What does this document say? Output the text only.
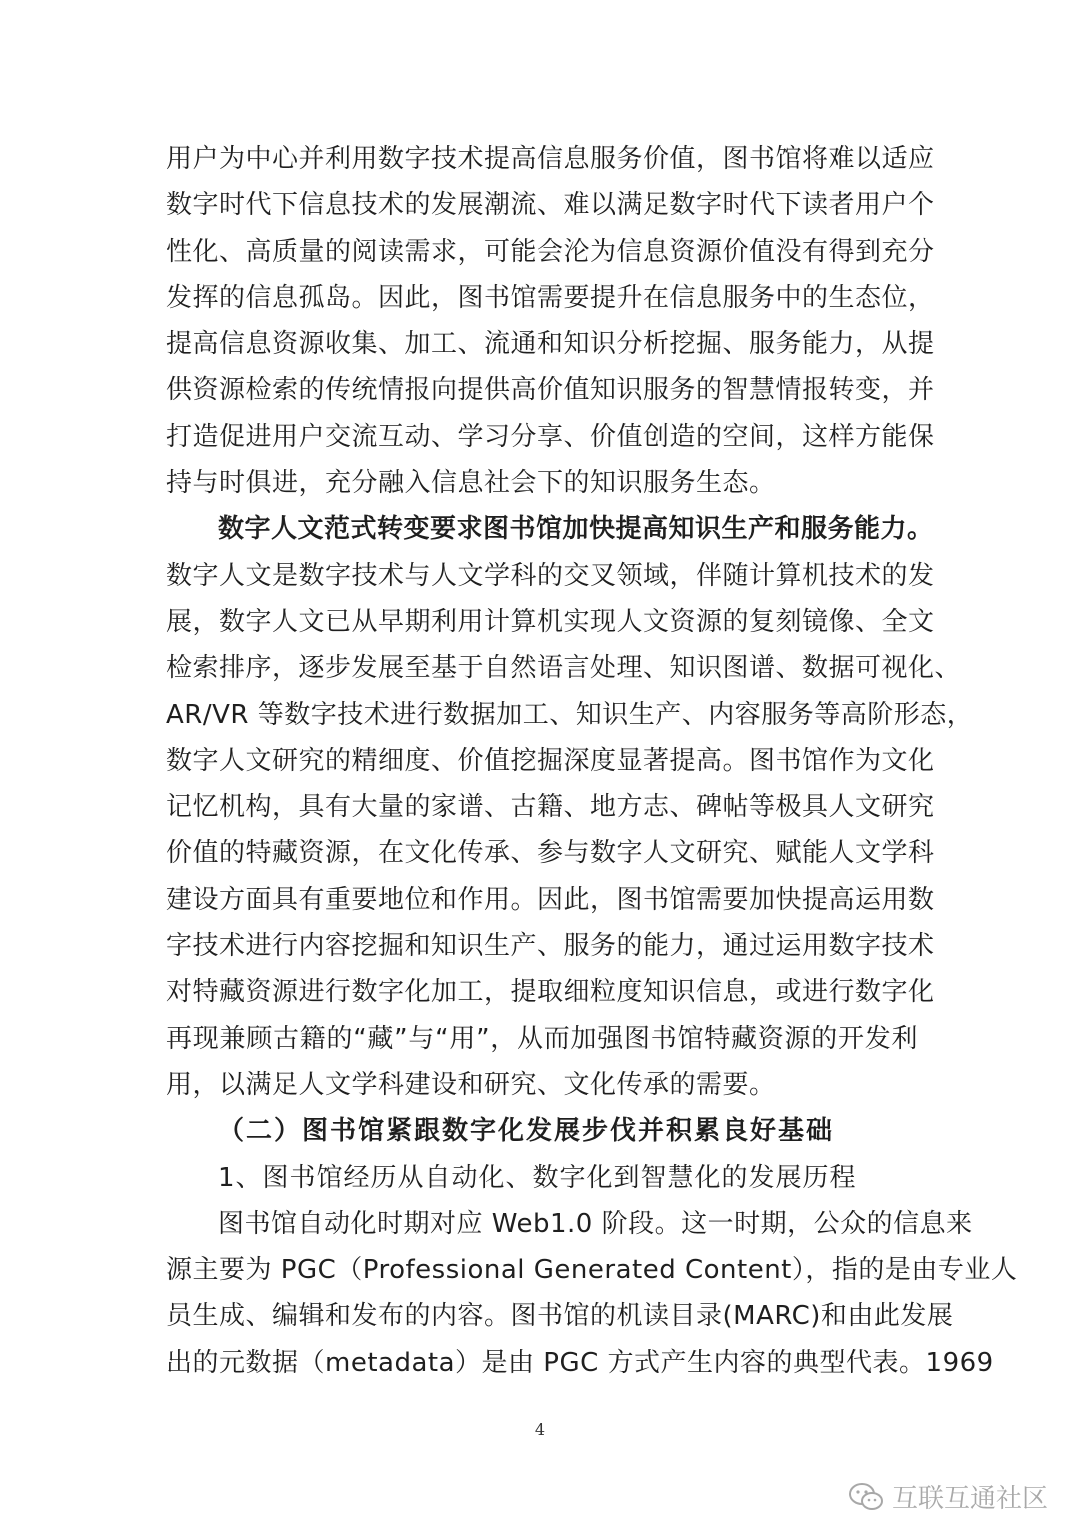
用户为中心并利用数字技术提高信息服务价值，图书馆将难以适应
数字时代下信息技术的发展潮流、难以满足数字时代下读者用户个
性化、高质量的阅读需求，可能会沦为信息资源价值没有得到充分
发挥的信息孤岛。因此，图书馆需要提升在信息服务中的生态位，
提高信息资源收集、加工、流通和知识分析挖掘、服务能力，从提
供资源检索的传统情报向提供高价值知识服务的智慧情报转变，并
打造促进用户交流互动、学习分享、价值创造的空间，这样方能保
持与时俱进，充分融入信息社会下的知识服务生态。
数字人文范式转变要求图书馆加快提高知识生产和服务能力。
数字人文是数字技术与人文学科的交叉领域，伴随计算机技术的发
展，数字人文已从早期利用计算机实现人文资源的复刻镜像、全文
检索排序，逐步发展至基于自然语言处理、知识图谱、数据可视化、
AR/VR 等数字技术进行数据加工、知识生产、内容服务等高阶形态，
数字人文研究的精细度、价值挖掘深度显著提高。图书馆作为文化
记忆机构，具有大量的家谱、古籍、地方志、碑帖等极具人文研究
价值的特藏资源，在文化传承、参与数字人文研究、赋能人文学科
建设方面具有重要地位和作用。因此，图书馆需要加快提高运用数
字技术进行内容挖掘和知识生产、服务的能力，通过运用数字技术
对特藏资源进行数字化加工，提取细粒度知识信息，或进行数字化
再现兼顾古籍的“藏”与“用”，从而加强图书馆特藏资源的开发利
用，以满足人文学科建设和研究、文化传承的需要。
（二）图书馆紧跟数字化发展步伐并积累良好基础
1、图书馆经历从自动化、数字化到智慧化的发展历程
图书馆自动化时期对应 Web1.0 阶段。这一时期，公众的信息来
源主要为 PGC（Professional Generated Content），指的是由专业人
员生成、编辑和发布的内容。图书馆的机读目录(MARC)和由此发展
出的元数据（metadata）是由 PGC 方式产生内容的典型代表。1969
4
互联互通社区
